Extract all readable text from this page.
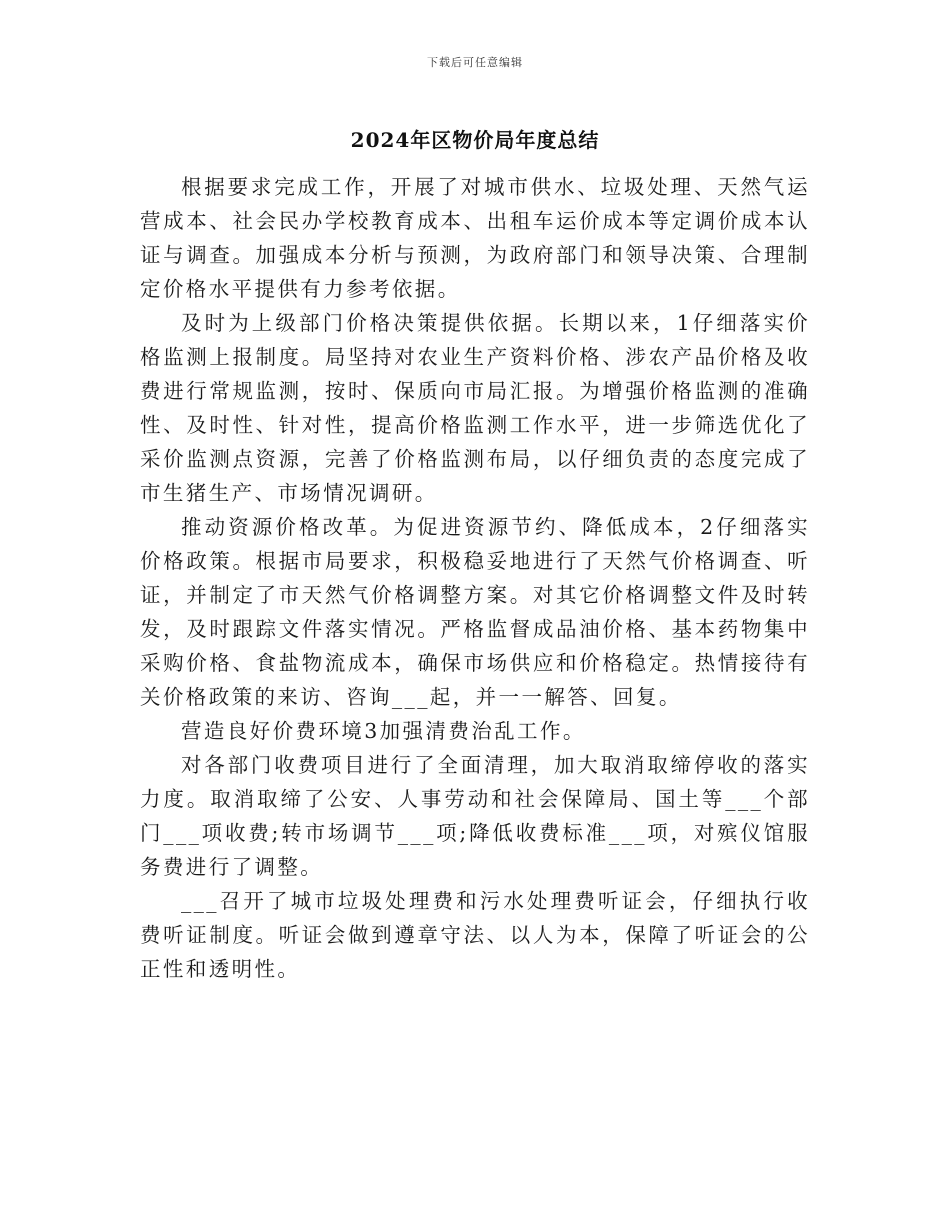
下载后可任意编辑
2024年区物价局年度总结

根据要求完成工作，开展了对城市供水、垃圾处理、天然气运营成本、社会民办学校教育成本、出租车运价成本等定调价成本认证与调查。加强成本分析与预测，为政府部门和领导决策、合理制定价格水平提供有力参考依据。

及时为上级部门价格决策提供依据。长期以来，1仔细落实价格监测上报制度。局坚持对农业生产资料价格、涉农产品价格及收费进行常规监测，按时、保质向市局汇报。为增强价格监测的准确性、及时性、针对性，提高价格监测工作水平，进一步筛选优化了采价监测点资源，完善了价格监测布局，以仔细负责的态度完成了市生猪生产、市场情况调研。

推动资源价格改革。为促进资源节约、降低成本，2仔细落实价格政策。根据市局要求，积极稳妥地进行了天然气价格调查、听证，并制定了市天然气价格调整方案。对其它价格调整文件及时转发，及时跟踪文件落实情况。严格监督成品油价格、基本药物集中采购价格、食盐物流成本，确保市场供应和价格稳定。热情接待有关价格政策的来访、咨询___起，并一一解答、回复。

营造良好价费环境3加强清费治乱工作。

对各部门收费项目进行了全面清理，加大取消取缔停收的落实力度。取消取缔了公安、人事劳动和社会保障局、国土等___个部门___项收费;转市场调节___项;降低收费标准___项，对殡仪馆服务费进行了调整。

___召开了城市垃圾处理费和污水处理费听证会，仔细执行收费听证制度。听证会做到遵章守法、以人为本，保障了听证会的公正性和透明性。
